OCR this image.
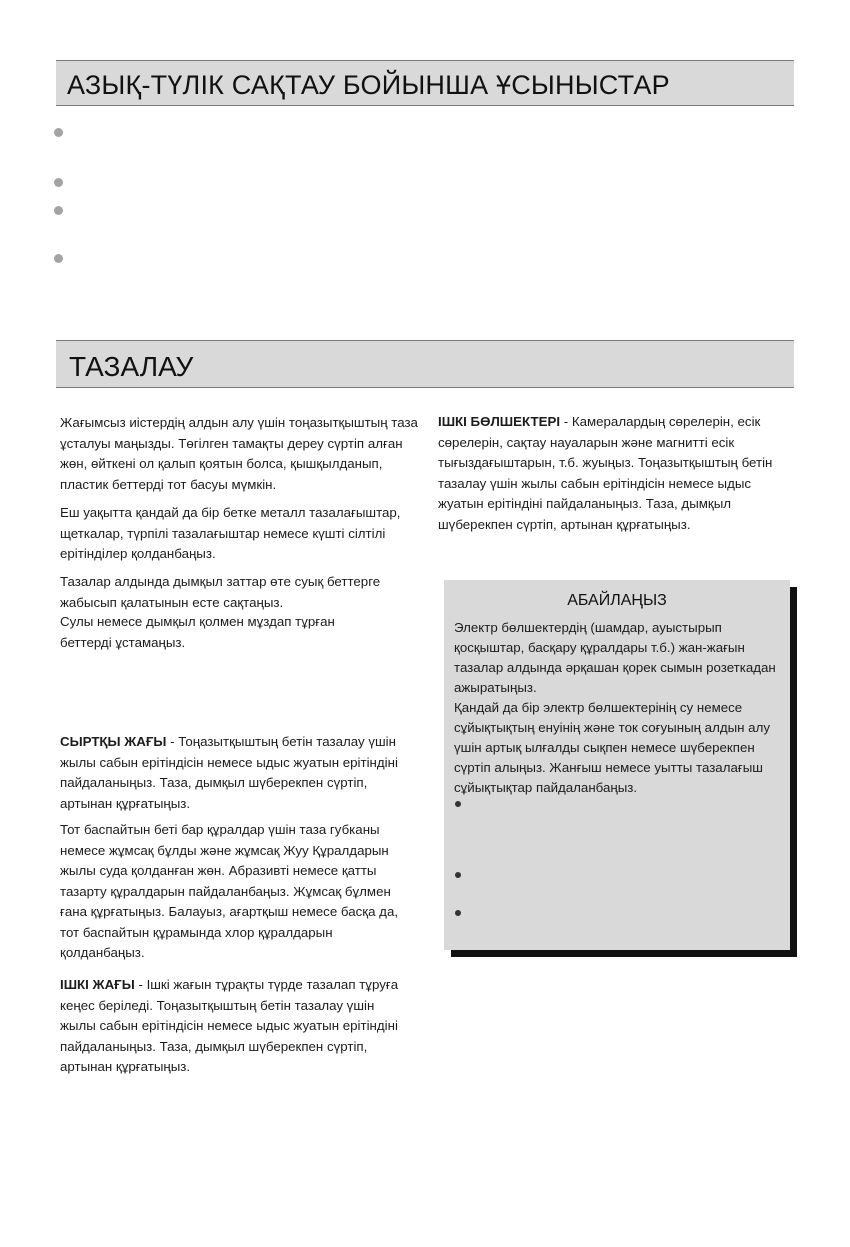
АЗЫҚ-ТҮЛІК САҚТАУ БОЙЫНША ҰСЫНЫСТАР
ТАЗАЛАУ

Жағымсыз иістердің алдын алу үшін тоңазытқыштың таза ұсталуы маңызды. Төгілген тамақты дереу сүртіп алған жөн, өйткені ол қалып қоятын болса, қышқылданып, пластик беттерді тот басуы мүмкін.

Еш уақытта қандай да бір бетке металл тазалағыштар, щеткалар, түрпілі тазалағыштар немесе күшті сілтілі ерітінділер қолданбаңыз.

Тазалар алдында дымқыл заттар өте суық беттерге жабысып қалатынын есте сақтаңыз.

Сулы немесе дымқыл қолмен мұздап тұрған беттерді ұстамаңыз.

СЫРТҚЫ ЖАҒЫ - Тоңазытқыштың бетін тазалау үшін жылы сабын ерітіндісін немесе ыдыс жуатын ерітіндіні пайдаланыңыз. Таза, дымқыл шүберекпен сүртіп, артынан құрғатыңыз.

Тот баспайтын беті бар құралдар үшін таза губканы немесе жұмсақ бұлды және жұмсақ Жуу Құралдарын жылы суда қолданған жөн. Абразивті немесе қатты тазарту құралдарын пайдаланбаңыз. Жұмсақ бұлмен ғана құрғатыңыз. Балауыз, ағартқыш немесе басқа да, тот баспайтын құрамында хлор құралдарын қолданбаңыз.

ІШКІ ЖАҒЫ - Ішкі жағын тұрақты түрде тазалап тұруға кеңес беріледі. Тоңазытқыштың бетін тазалау үшін жылы сабын ерітіндісін немесе ыдыс жуатын ерітіндіні пайдаланыңыз. Таза, дымқыл шүберекпен сүртіп, артынан құрғатыңыз.

ІШКІ БӨЛШЕКТЕРІ - Камералардың сөрелерін, есік сөрелерін, сақтау науаларын және магнитті есік тығыздағыштарын, т.б. жуыңыз. Тоңазытқыштың бетін тазалау үшін жылы сабын ерітіндісін немесе ыдыс жуатын ерітіндіні пайдаланыңыз. Таза, дымқыл шүберекпен сүртіп, артынан құрғатыңыз.

АБАЙЛАҢЫЗ

Электр бөлшектердің (шамдар, ауыстырып қосқыштар, басқару құралдары т.б.) жан-жағын тазалар алдында әрқашан қорек сымын розеткадан ажыратыңыз.

Қандай да бір электр бөлшектерінің су немесе сұйықтықтың енуінің және ток соғуының алдын алу үшін артық ылғалды сықпен немесе шүберекпен сүртіп алыңыз. Жанғыш немесе уытты тазалағыш сұйықтықтар пайдаланбаңыз.
